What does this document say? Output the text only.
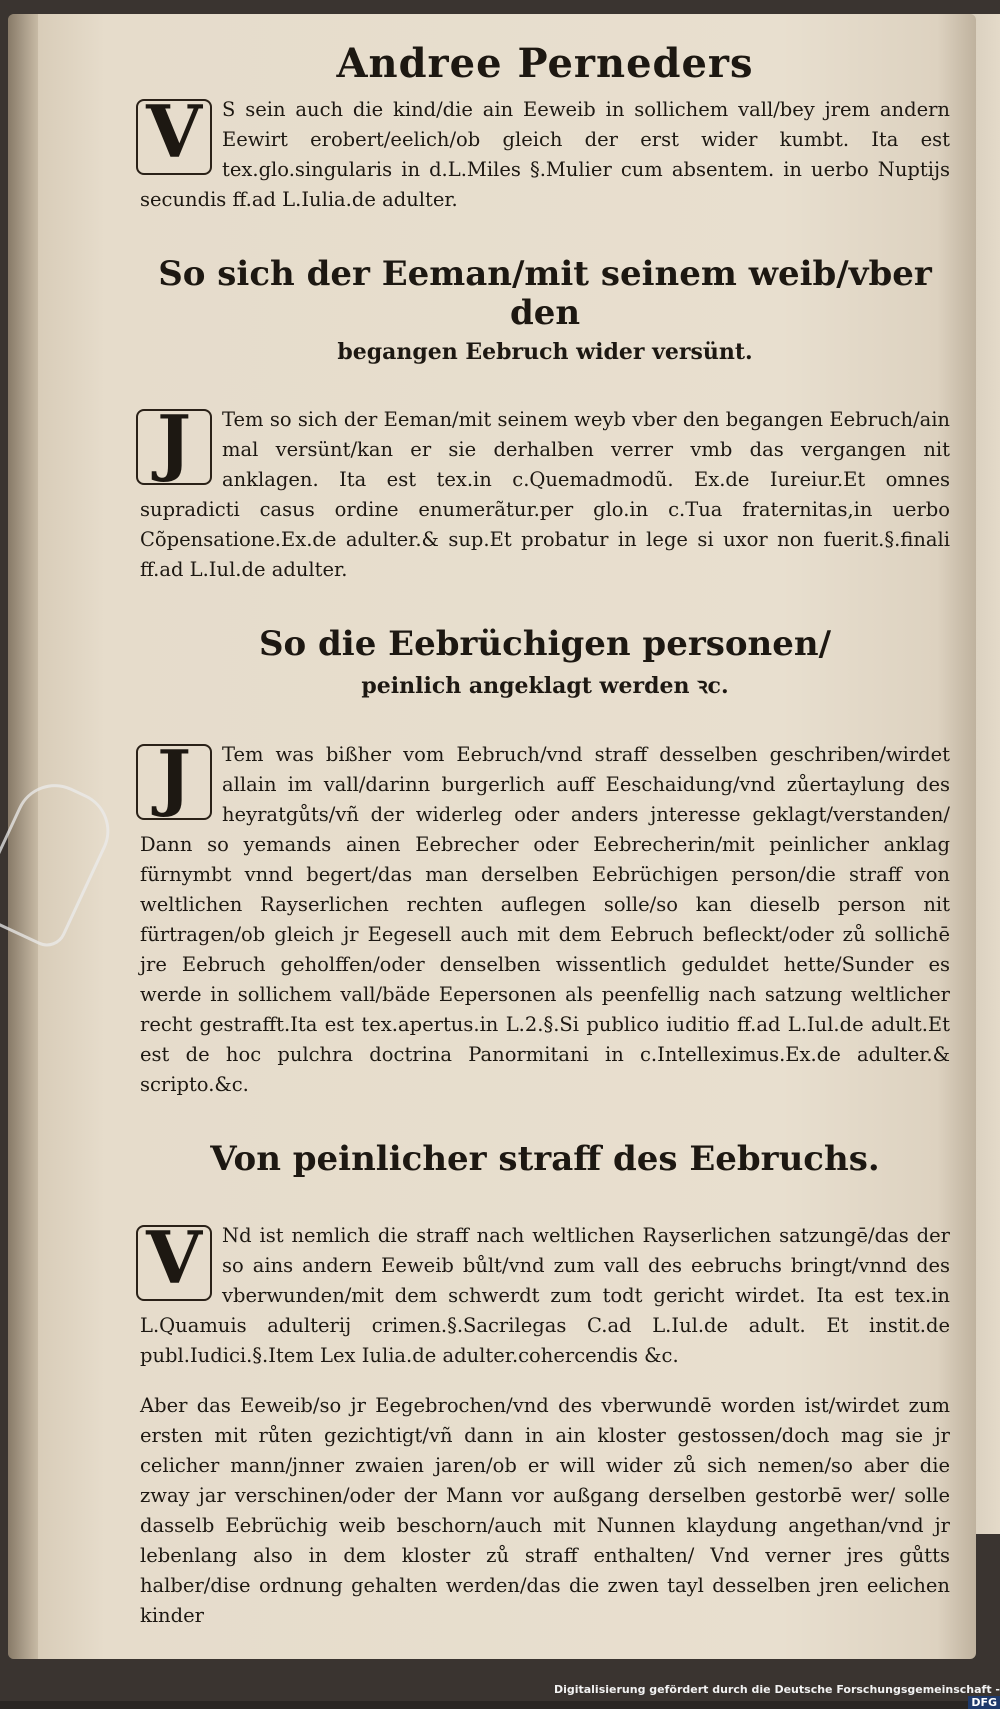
Andree Perneders

V	S sein auch die kind/die ain Eeweib in sollichem vall/bey jrem andern Eewirt erobert/eelich/ob gleich der erst wider kumbt. Ita est tex.glo.singularis in d.L.Miles §.Mulier cum absentem. in uerbo Nuptijs secundis ff.ad L.Iulia.de adulter.

So sich der Eeman/mit seinem weib/vber den
begangen Eebruch wider versünt.

J	Tem so sich der Eeman/mit seinem weyb vber den begangen Eebruch/ain mal versünt/kan er sie derhalben verrer vmb das vergangen nit anklagen. Ita est tex.in c.Quemadmodũ. Ex.de Iureiur.Et omnes supradicti casus ordine enumerãtur.per glo.in c.Tua fraternitas,in uerbo Cõpensatione.Ex.de adulter.& sup.Et probatur in lege si uxor non fuerit.§.finali ff.ad L.Iul.de adulter.

So die Eebrüchigen personen/
peinlich angeklagt werden ꝛc.

J	Tem was bißher vom Eebruch/vnd straff desselben geschriben/wirdet allain im vall/darinn burgerlich auff Eeschaidung/vnd zůertaylung des heyratgůts/vñ der widerleg oder anders jnteresse geklagt/verstanden/ Dann so yemands ainen Eebrecher oder Eebrecherin/mit peinlicher anklag fürnymbt vnnd begert/das man derselben Eebrüchigen person/die straff von weltlichen Rayserlichen rechten auflegen solle/so kan dieselb person nit fürtragen/ob gleich jr Eegesell auch mit dem Eebruch befleckt/oder zů sollichē jre Eebruch geholffen/oder denselben wissentlich geduldet hette/Sunder es werde in sollichem vall/bäde Eepersonen als peenfellig nach satzung weltlicher recht gestrafft.Ita est tex.apertus.in L.2.§.Si publico iuditio ff.ad L.Iul.de adult.Et est de hoc pulchra doctrina Panormitani in c.Intelleximus.Ex.de adulter.& scripto.&c.

Von peinlicher straff des Eebruchs.

V	Nd ist nemlich die straff nach weltlichen Rayserlichen satzungē/das der so ains andern Eeweib bůlt/vnd zum vall des eebruchs bringt/vnnd des vberwunden/mit dem schwerdt zum todt gericht wirdet. Ita est tex.in L.Quamuis adulterij crimen.§.Sacrilegas C.ad L.Iul.de adult. Et instit.de publ.Iudici.§.Item Lex Iulia.de adulter.cohercendis &c.

Aber das Eeweib/so jr Eegebrochen/vnd des vberwundē worden ist/wirdet zum ersten mit růten gezichtigt/vñ dann in ain kloster gestossen/doch mag sie jr celicher mann/jnner zwaien jaren/ob er will wider zů sich nemen/so aber die zway jar verschinen/oder der Mann vor außgang derselben gestorbē wer/ solle dasselb Eebrüchig weib beschorn/auch mit Nunnen klaydung angethan/vnd jr lebenlang also in dem kloster zů straff enthalten/ Vnd verner jres gůtts halber/dise ordnung gehalten werden/das die zwen tayl desselben jren eelichen kinder

Digitalisierung gefördert durch die Deutsche Forschungsgemeinschaft -DFG
